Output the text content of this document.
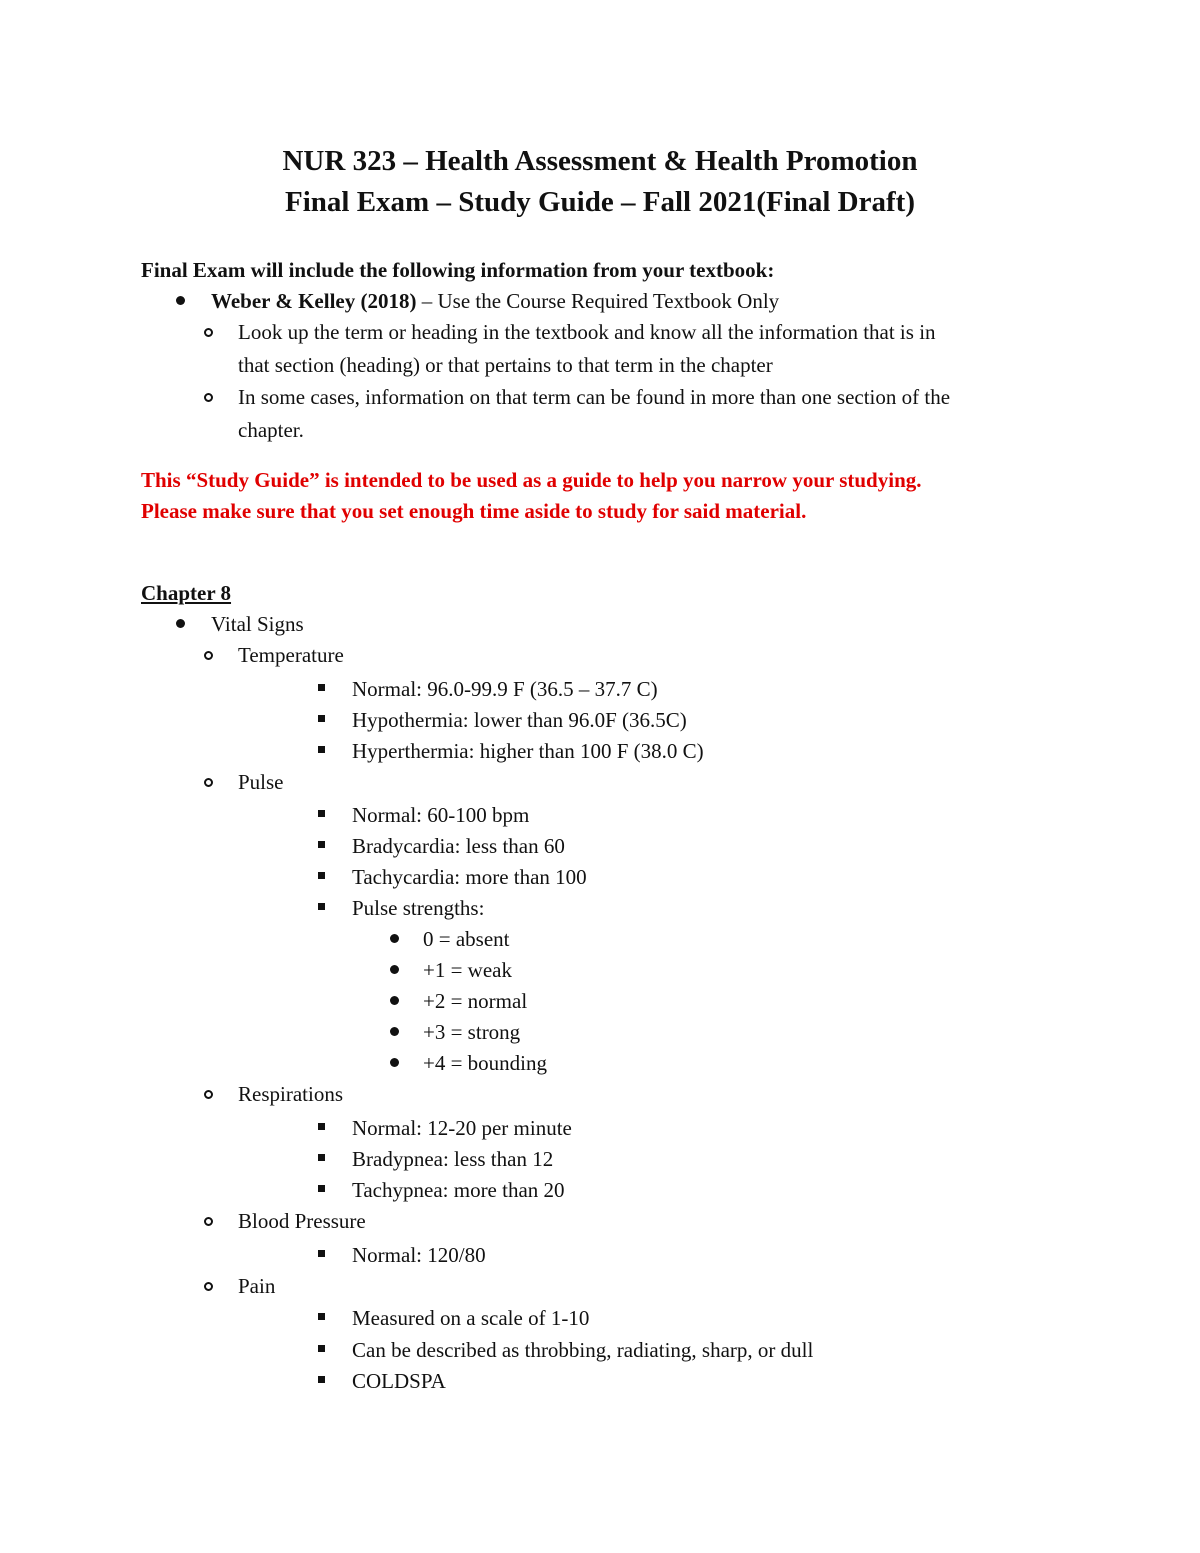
NUR 323 – Health Assessment & Health Promotion
Final Exam – Study Guide – Fall 2021(Final Draft)
Final Exam will include the following information from your textbook:
Weber & Kelley (2018) – Use the Course Required Textbook Only
Look up the term or heading in the textbook and know all the information that is in
that section (heading) or that pertains to that term in the chapter
In some cases, information on that term can be found in more than one section of the
chapter.
This “Study Guide” is intended to be used as a guide to help you narrow your studying.
Please make sure that you set enough time aside to study for said material.
Chapter 8
Vital Signs
Temperature
Normal: 96.0-99.9 F (36.5 – 37.7 C)
Hypothermia: lower than 96.0F (36.5C)
Hyperthermia: higher than 100 F (38.0 C)
Pulse
Normal: 60-100 bpm
Bradycardia: less than 60
Tachycardia: more than 100
Pulse strengths:
0 = absent
+1 = weak
+2 = normal
+3 = strong
+4 = bounding
Respirations
Normal: 12-20 per minute
Bradypnea: less than 12
Tachypnea: more than 20
Blood Pressure
Normal: 120/80
Pain
Measured on a scale of 1-10
Can be described as throbbing, radiating, sharp, or dull
COLDSPA
